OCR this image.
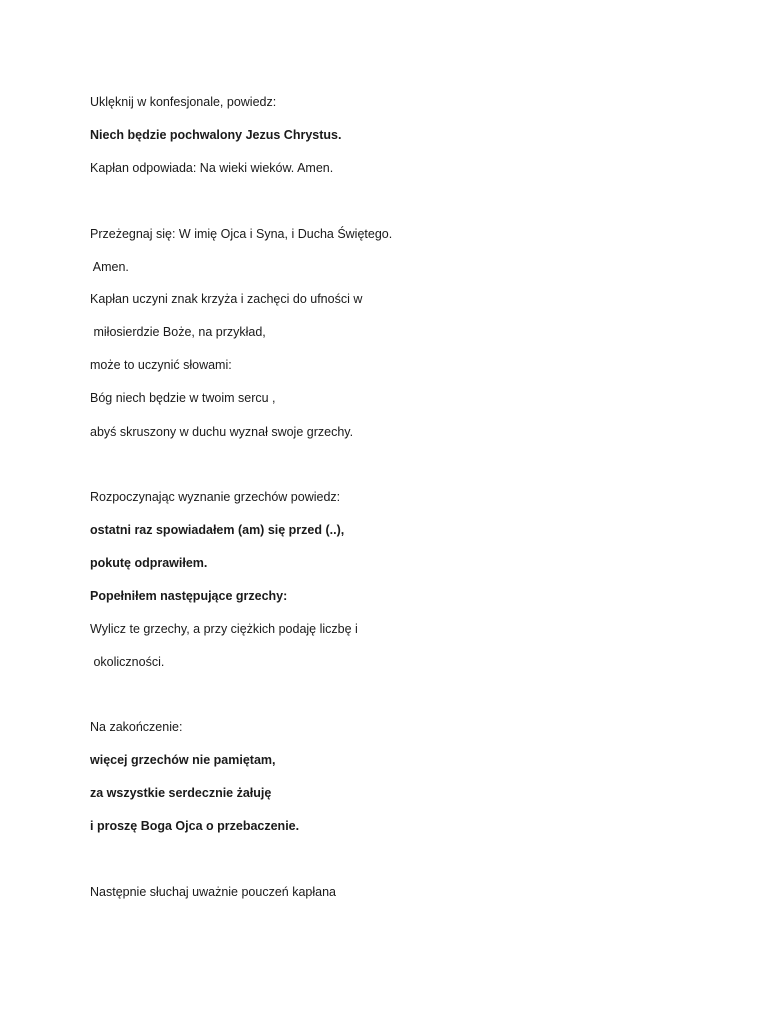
Uklęknij w konfesjonale, powiedz:

Niech będzie pochwalony Jezus Chrystus.

Kapłan odpowiada: Na wieki wieków. Amen.

Przeżegnaj się: W imię Ojca i Syna, i Ducha Świętego.

Amen.

Kapłan uczyni znak krzyża i zachęci do ufności w

miłosierdzie Boże, na przykład,

może to uczynić słowami:

Bóg niech będzie w twoim sercu ,

abyś skruszony w duchu wyznał swoje grzechy.

Rozpoczynając wyznanie grzechów powiedz:

ostatni raz spowiadałem (am) się przed (..),

pokutę odprawiłem.

Popełniłem następujące grzechy:

Wylicz te grzechy, a przy ciężkich podaję liczbę i

okoliczności.

Na zakończenie:

więcej grzechów nie pamiętam,

za wszystkie serdecznie żałuję

i proszę Boga Ojca o przebaczenie.

Następnie słuchaj uważnie pouczeń kapłana
